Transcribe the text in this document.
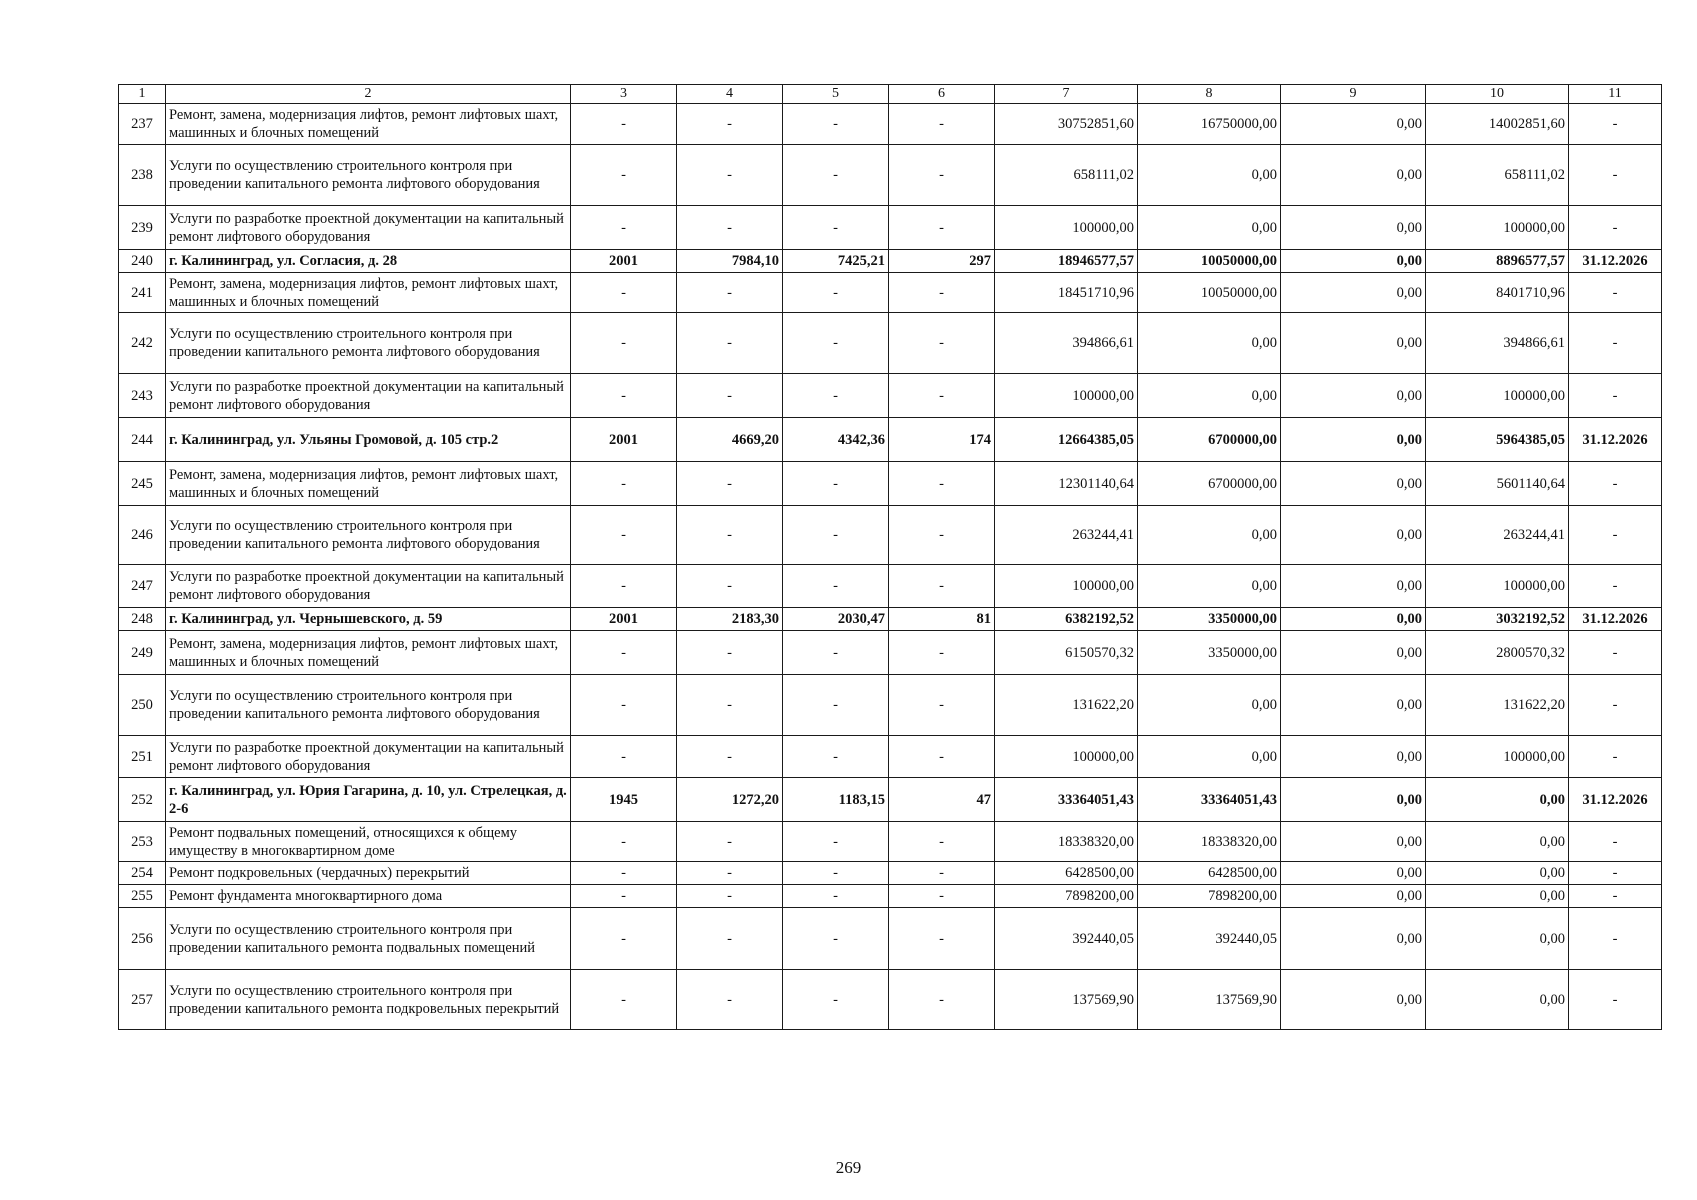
1	2	3	4	5	6	7	8	9	10	11
237	Ремонт, замена, модернизация лифтов, ремонт лифтовых шахт, машинных и блочных помещений	-	-	-	-	30752851,60	16750000,00	0,00	14002851,60	-
238	Услуги по осуществлению строительного контроля при проведении капитального ремонта лифтового оборудования	-	-	-	-	658111,02	0,00	0,00	658111,02	-
239	Услуги по разработке проектной документации на капитальный ремонт лифтового оборудования	-	-	-	-	100000,00	0,00	0,00	100000,00	-
240	г. Калининград, ул. Согласия, д. 28	2001	7984,10	7425,21	297	18946577,57	10050000,00	0,00	8896577,57	31.12.2026
241	Ремонт, замена, модернизация лифтов, ремонт лифтовых шахт, машинных и блочных помещений	-	-	-	-	18451710,96	10050000,00	0,00	8401710,96	-
242	Услуги по осуществлению строительного контроля при проведении капитального ремонта лифтового оборудования	-	-	-	-	394866,61	0,00	0,00	394866,61	-
243	Услуги по разработке проектной документации на капитальный ремонт лифтового оборудования	-	-	-	-	100000,00	0,00	0,00	100000,00	-
244	г. Калининград, ул. Ульяны Громовой, д. 105 стр.2	2001	4669,20	4342,36	174	12664385,05	6700000,00	0,00	5964385,05	31.12.2026
245	Ремонт, замена, модернизация лифтов, ремонт лифтовых шахт, машинных и блочных помещений	-	-	-	-	12301140,64	6700000,00	0,00	5601140,64	-
246	Услуги по осуществлению строительного контроля при проведении капитального ремонта лифтового оборудования	-	-	-	-	263244,41	0,00	0,00	263244,41	-
247	Услуги по разработке проектной документации на капитальный ремонт лифтового оборудования	-	-	-	-	100000,00	0,00	0,00	100000,00	-
248	г. Калининград, ул. Чернышевского, д. 59	2001	2183,30	2030,47	81	6382192,52	3350000,00	0,00	3032192,52	31.12.2026
249	Ремонт, замена, модернизация лифтов, ремонт лифтовых шахт, машинных и блочных помещений	-	-	-	-	6150570,32	3350000,00	0,00	2800570,32	-
250	Услуги по осуществлению строительного контроля при проведении капитального ремонта лифтового оборудования	-	-	-	-	131622,20	0,00	0,00	131622,20	-
251	Услуги по разработке проектной документации на капитальный ремонт лифтового оборудования	-	-	-	-	100000,00	0,00	0,00	100000,00	-
252	г. Калининград, ул. Юрия Гагарина, д. 10, ул. Стрелецкая, д. 2-6	1945	1272,20	1183,15	47	33364051,43	33364051,43	0,00	0,00	31.12.2026
253	Ремонт подвальных помещений, относящихся к общему имуществу в многоквартирном доме	-	-	-	-	18338320,00	18338320,00	0,00	0,00	-
254	Ремонт подкровельных (чердачных) перекрытий	-	-	-	-	6428500,00	6428500,00	0,00	0,00	-
255	Ремонт фундамента многоквартирного дома	-	-	-	-	7898200,00	7898200,00	0,00	0,00	-
256	Услуги по осуществлению строительного контроля при проведении капитального ремонта подвальных помещений	-	-	-	-	392440,05	392440,05	0,00	0,00	-
257	Услуги по осуществлению строительного контроля при проведении капитального ремонта подкровельных перекрытий	-	-	-	-	137569,90	137569,90	0,00	0,00	-
269
